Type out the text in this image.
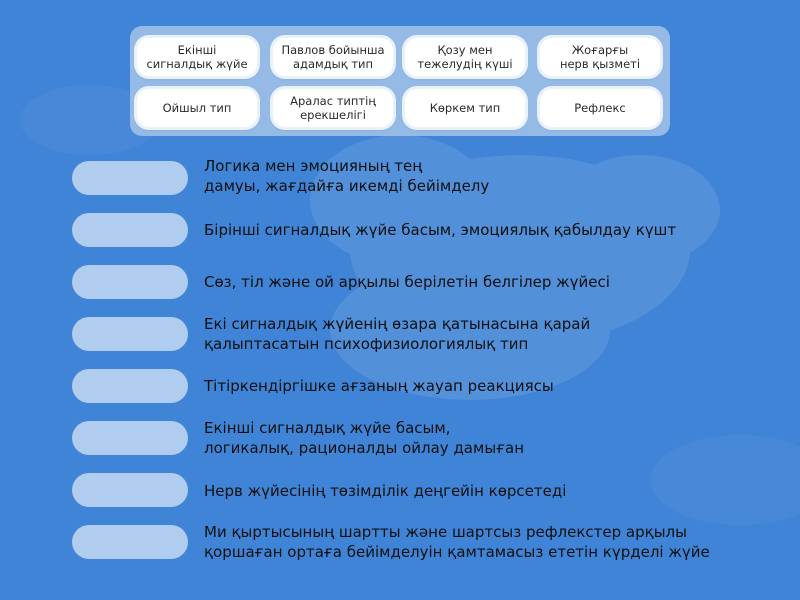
Екінші
сигналдық жүйе
Павлов бойынша
адамдық тип
Қозу мен
тежелудің күші
Жоғарғы
нерв қызметі
Ойшыл тип	Аралас типтің
ерекшелігі	Көркем тип	Рефлекс
Логика мен эмоцияның тең
дамуы, жағдайға икемді бейімделу
Бірінші сигналдық жүйе басым, эмоциялық қабылдау күшт
Сөз, тіл және ой арқылы берілетін белгілер жүйесі
Екі сигналдық жүйенің өзара қатынасына қарай
қалыптасатын психофизиологиялық тип
Тітіркендіргішке ағзаның жауап реакциясы
Екінші сигналдық жүйе басым,
логикалық, рационалды ойлау дамыған
Нерв жүйесінің төзімділік деңгейін көрсетеді
Ми қыртысының шартты және шартсыз рефлекстер арқылы
қоршаған ортаға бейімделуін қамтамасыз ететін күрделі жүйе
